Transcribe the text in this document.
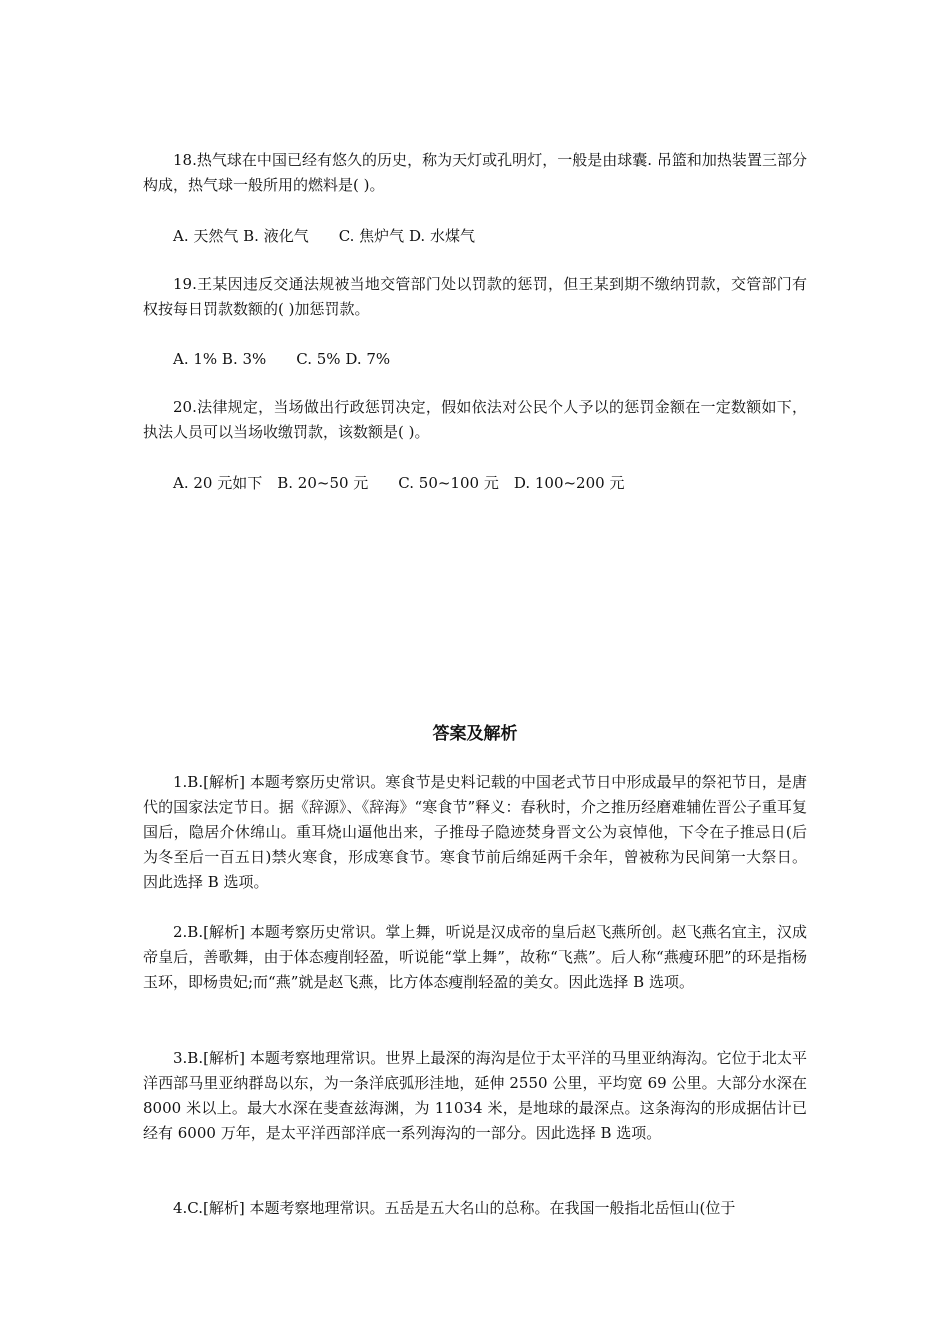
18.热气球在中国已经有悠久的历史，称为天灯或孔明灯，一般是由球囊. 吊篮和加热装置三部分构成，热气球一般所用的燃料是( )。

A. 天然气 B. 液化气　　C. 焦炉气 D. 水煤气

19.王某因违反交通法规被当地交管部门处以罚款的惩罚，但王某到期不缴纳罚款，交管部门有权按每日罚款数额的( )加惩罚款。

A. 1% B. 3%　　C. 5% D. 7%

20.法律规定，当场做出行政惩罚决定，假如依法对公民个人予以的惩罚金额在一定数额如下，执法人员可以当场收缴罚款，该数额是( )。

A. 20 元如下　B. 20~50 元　　C. 50~100 元　D. 100~200 元

答案及解析

1.B.[解析] 本题考察历史常识。寒食节是史料记载的中国老式节日中形成最早的祭祀节日，是唐代的国家法定节日。据《辞源》、《辞海》“寒食节”释义：春秋时，介之推历经磨难辅佐晋公子重耳复国后，隐居介休绵山。重耳烧山逼他出来，子推母子隐迹焚身晋文公为哀悼他，下令在子推忌日(后为冬至后一百五日)禁火寒食，形成寒食节。寒食节前后绵延两千余年，曾被称为民间第一大祭日。因此选择 B 选项。

2.B.[解析] 本题考察历史常识。掌上舞，听说是汉成帝的皇后赵飞燕所创。赵飞燕名宜主，汉成帝皇后，善歌舞，由于体态瘦削轻盈，听说能“掌上舞”，故称“飞燕”。后人称“燕瘦环肥”的环是指杨玉环，即杨贵妃;而“燕”就是赵飞燕，比方体态瘦削轻盈的美女。因此选择 B 选项。

3.B.[解析] 本题考察地理常识。世界上最深的海沟是位于太平洋的马里亚纳海沟。它位于北太平洋西部马里亚纳群岛以东，为一条洋底弧形洼地，延伸 2550 公里，平均宽 69 公里。大部分水深在 8000 米以上。最大水深在斐查兹海渊，为 11034 米，是地球的最深点。这条海沟的形成据估计已经有 6000 万年，是太平洋西部洋底一系列海沟的一部分。因此选择 B 选项。

4.C.[解析] 本题考察地理常识。五岳是五大名山的总称。在我国一般指北岳恒山(位于
